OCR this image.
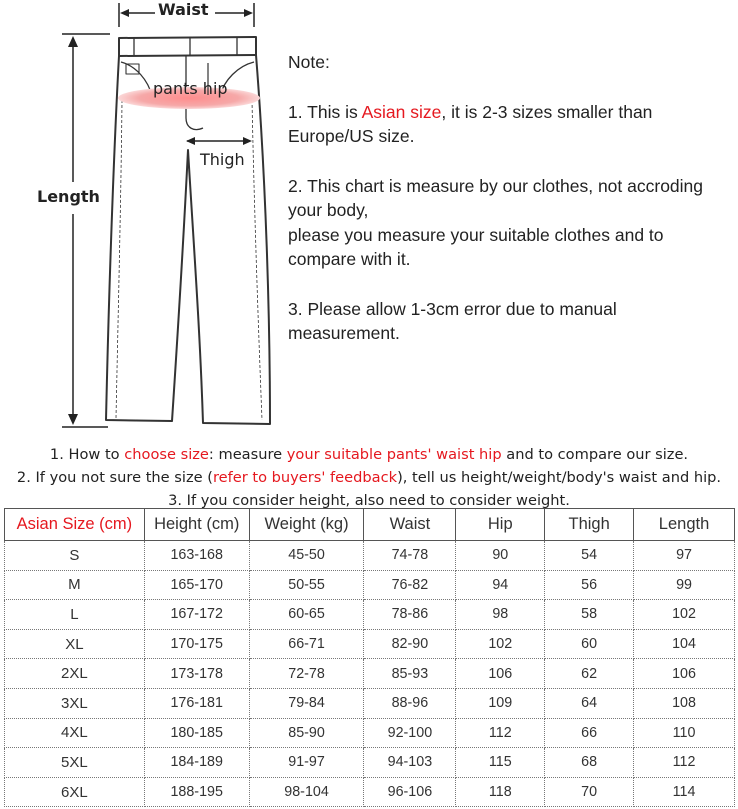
Waist
Length
pants hip
Thigh

Note:

1. This is Asian size, it is 2-3 sizes smaller than Europe/US size.

2. This chart is measure by our clothes, not accroding your body,

please you measure your suitable clothes and to compare with it.

3. Please allow 1-3cm error due to manual measurement.

1. How to choose size: measure your suitable pants' waist hip and to compare our size.
2. If you not sure the size (refer to buyers' feedback), tell us height/weight/body's waist and hip.
3. If you consider height, also need to consider weight.
Asian Size (cm)	Height (cm)	Weight (kg)	Waist	Hip	Thigh	Length
S	163-168	45-50	74-78	90	54	97
M	165-170	50-55	76-82	94	56	99
L	167-172	60-65	78-86	98	58	102
XL	170-175	66-71	82-90	102	60	104
2XL	173-178	72-78	85-93	106	62	106
3XL	176-181	79-84	88-96	109	64	108
4XL	180-185	85-90	92-100	112	66	110
5XL	184-189	91-97	94-103	115	68	112
6XL	188-195	98-104	96-106	118	70	114
